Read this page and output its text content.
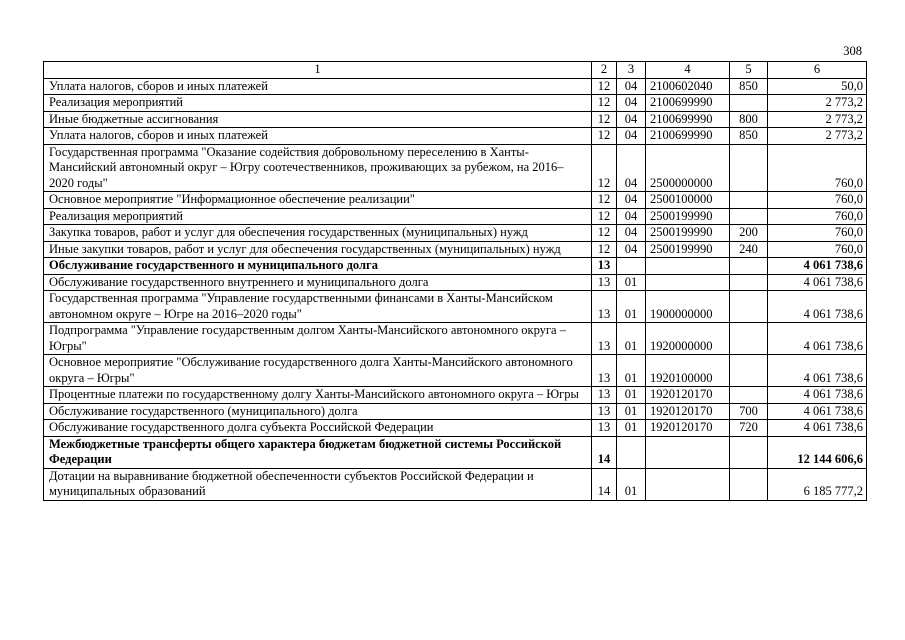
308
1	2	3	4	5	6
Уплата налогов, сборов и иных платежей	12	04	2100602040	850	50,0
Реализация мероприятий	12	04	2100699990		2 773,2
Иные бюджетные ассигнования	12	04	2100699990	800	2 773,2
Уплата налогов, сборов и иных платежей	12	04	2100699990	850	2 773,2
Государственная программа "Оказание содействия добровольному переселению в Ханты-Мансийский автономный округ – Югру соотечественников, проживающих за рубежом, на 2016–2020 годы"	12	04	2500000000		760,0
Основное мероприятие "Информационное обеспечение реализации"	12	04	2500100000		760,0
Реализация мероприятий	12	04	2500199990		760,0
Закупка товаров, работ и услуг для обеспечения государственных (муниципальных) нужд	12	04	2500199990	200	760,0
Иные закупки товаров, работ и услуг для обеспечения государственных (муниципальных) нужд	12	04	2500199990	240	760,0
Обслуживание государственного и муниципального долга	13				4 061 738,6
Обслуживание государственного внутреннего и муниципального долга	13	01			4 061 738,6
Государственная программа "Управление государственными финансами в Ханты-Мансийском автономном округе – Югре на 2016–2020 годы"	13	01	1900000000		4 061 738,6
Подпрограмма "Управление государственным долгом Ханты-Мансийского автономного округа – Югры"	13	01	1920000000		4 061 738,6
Основное мероприятие "Обслуживание государственного долга Ханты-Мансийского автономного округа – Югры"	13	01	1920100000		4 061 738,6
Процентные платежи по государственному долгу Ханты-Мансийского автономного округа – Югры	13	01	1920120170		4 061 738,6
Обслуживание государственного (муниципального) долга	13	01	1920120170	700	4 061 738,6
Обслуживание государственного долга субъекта Российской Федерации	13	01	1920120170	720	4 061 738,6
Межбюджетные трансферты общего характера бюджетам бюджетной системы Российской Федерации	14				12 144 606,6
Дотации на выравнивание бюджетной обеспеченности субъектов Российской Федерации и муниципальных образований	14	01			6 185 777,2
